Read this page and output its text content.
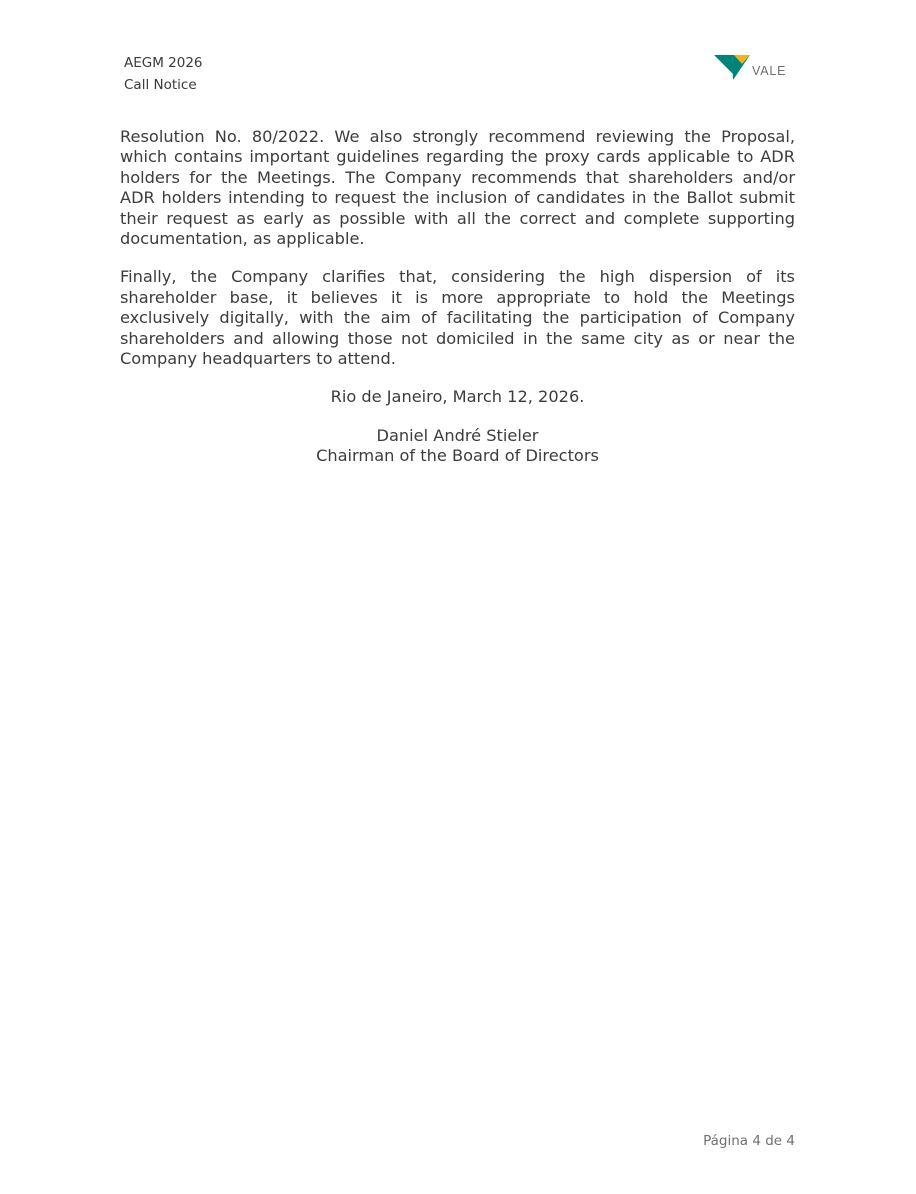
AEGM 2026
Call Notice
VALE

Resolution No. 80/2022. We also strongly recommend reviewing the Proposal, which contains important guidelines regarding the proxy cards applicable to ADR holders for the Meetings. The Company recommends that shareholders and/or ADR holders intending to request the inclusion of candidates in the Ballot submit their request as early as possible with all the correct and complete supporting documentation, as applicable.

Finally, the Company clarifies that, considering the high dispersion of its shareholder base, it believes it is more appropriate to hold the Meetings exclusively digitally, with the aim of facilitating the participation of Company shareholders and allowing those not domiciled in the same city as or near the Company headquarters to attend.

Rio de Janeiro, March 12, 2026.

Daniel André Stieler

Chairman of the Board of Directors

Página 4 de 4
